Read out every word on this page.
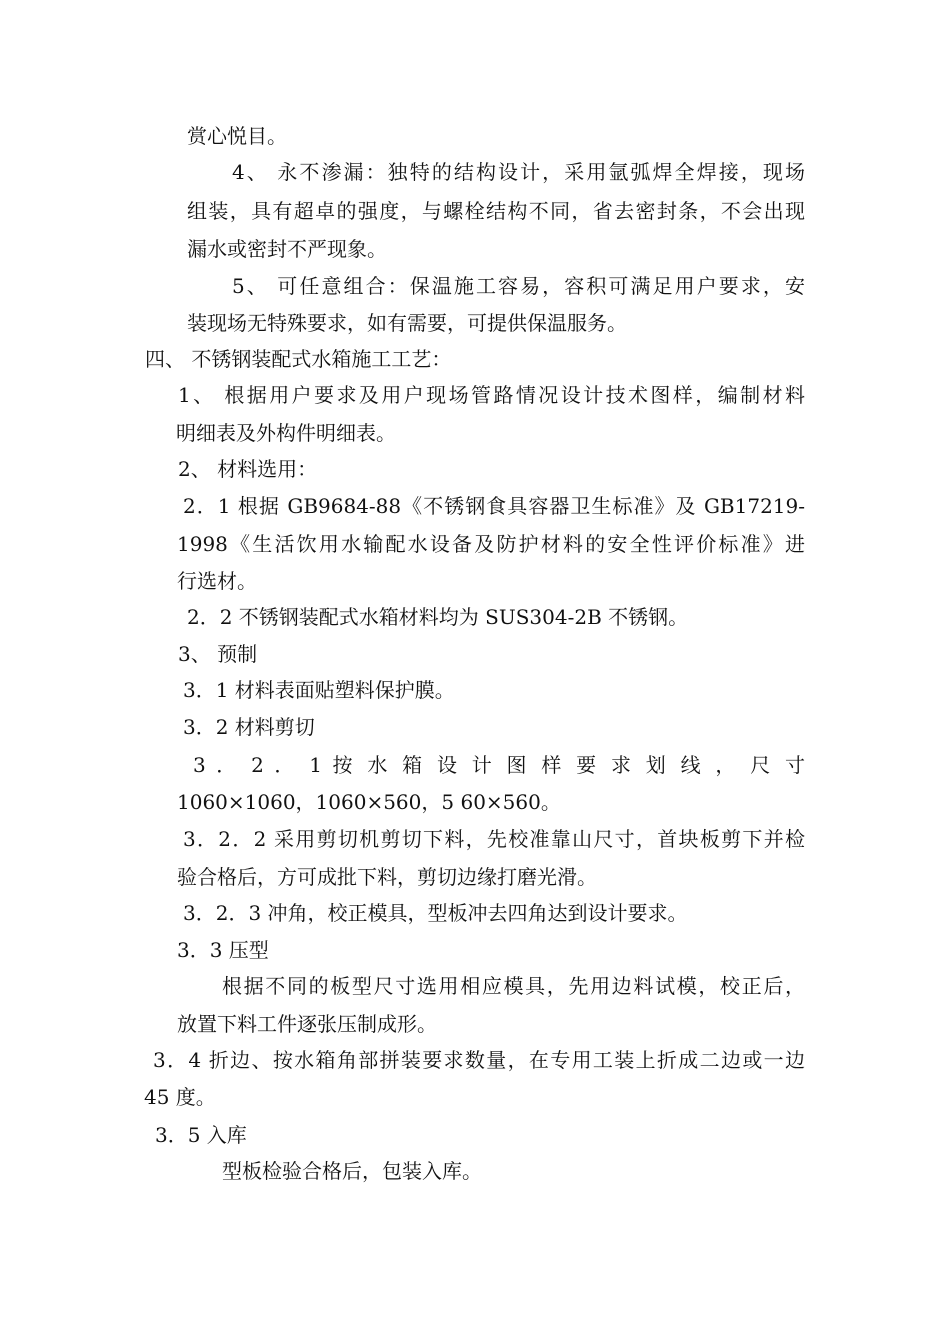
赏心悦目。
4、 永不渗漏：独特的结构设计，采用氩弧焊全焊接，现场
组装，具有超卓的强度，与螺栓结构不同，省去密封条，不会出现
漏水或密封不严现象。
5、 可任意组合：保温施工容易，容积可满足用户要求，安
装现场无特殊要求，如有需要，可提供保温服务。
四、 不锈钢装配式水箱施工工艺：
1、 根据用户要求及用户现场管路情况设计技术图样，编制材料
明细表及外构件明细表。
2、 材料选用：
2．1 根据 GB9684-88《不锈钢食具容器卫生标准》及 GB17219-
1998《生活饮用水输配水设备及防护材料的安全性评价标准》进
行选材。
2．2 不锈钢装配式水箱材料均为 SUS304-2B 不锈钢。
3、 预制
3．1 材料表面贴塑料保护膜。
3．2 材料剪切
3 ． 2 ． 1 按 水 箱 设 计 图 样 要 求 划 线 ， 尺 寸
1060×1060，1060×560，5 60×560。
3．2．2 采用剪切机剪切下料，先校准靠山尺寸，首块板剪下并检
验合格后，方可成批下料，剪切边缘打磨光滑。
3．2．3 冲角，校正模具，型板冲去四角达到设计要求。
3．3 压型
根据不同的板型尺寸选用相应模具，先用边料试模，校正后，
放置下料工件逐张压制成形。
3．4 折边、按水箱角部拼装要求数量，在专用工装上折成二边或一边
45 度。
3．5 入库
型板检验合格后，包装入库。
